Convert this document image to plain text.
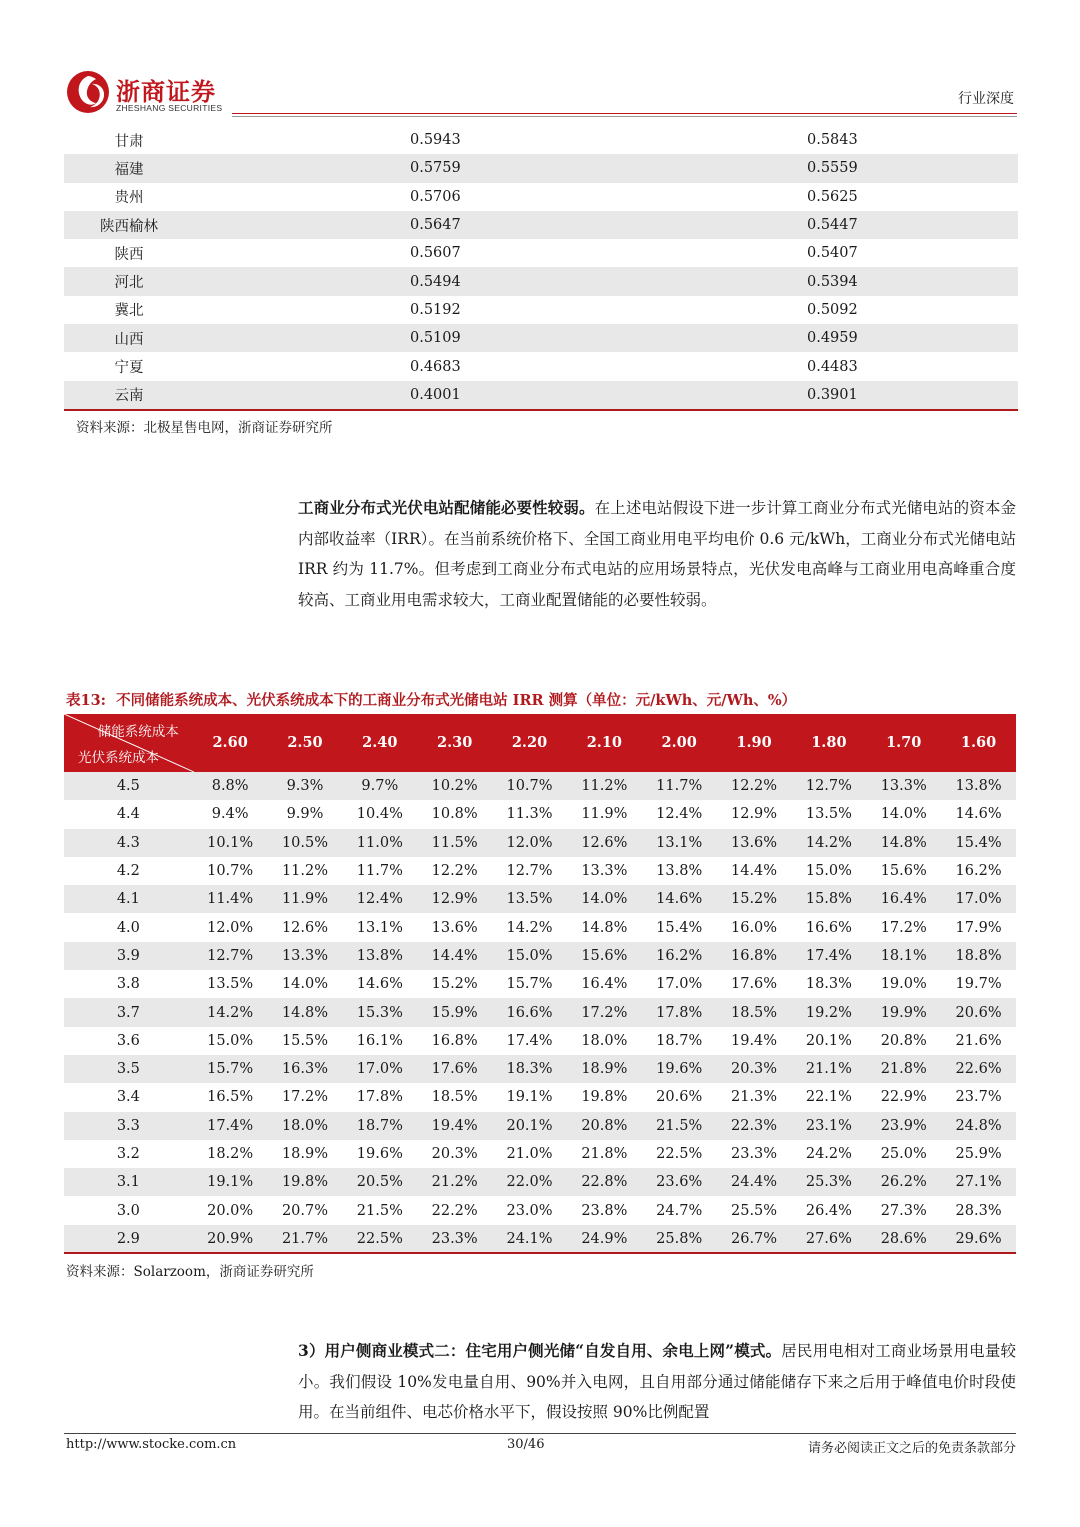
浙商证券
ZHESHANG SECURITIES
行业深度
甘肃	0.5943	0.5843
福建	0.5759	0.5559
贵州	0.5706	0.5625
陕西榆林	0.5647	0.5447
陕西	0.5607	0.5407
河北	0.5494	0.5394
冀北	0.5192	0.5092
山西	0.5109	0.4959
宁夏	0.4683	0.4483
云南	0.4001	0.3901
资料来源：北极星售电网，浙商证券研究所
工商业分布式光伏电站配储能必要性较弱。在上述电站假设下进一步计算工商业分布式光储电站的资本金内部收益率（IRR）。在当前系统价格下、全国工商业用电平均电价 0.6 元/kWh，工商业分布式光储电站 IRR 约为 11.7%。但考虑到工商业分布式电站的应用场景特点，光伏发电高峰与工商业用电高峰重合度较高、工商业用电需求较大，工商业配置储能的必要性较弱。
表13: 不同储能系统成本、光伏系统成本下的工商业分布式光储电站 IRR 测算（单位：元/kWh、元/Wh、%）
储能系统成本
光伏系统成本
2.60	2.50	2.40	2.30	2.20	2.10	2.00	1.90	1.80	1.70	1.60
4.5	8.8%	9.3%	9.7%	10.2%	10.7%	11.2%	11.7%	12.2%	12.7%	13.3%	13.8%
4.4	9.4%	9.9%	10.4%	10.8%	11.3%	11.9%	12.4%	12.9%	13.5%	14.0%	14.6%
4.3	10.1%	10.5%	11.0%	11.5%	12.0%	12.6%	13.1%	13.6%	14.2%	14.8%	15.4%
4.2	10.7%	11.2%	11.7%	12.2%	12.7%	13.3%	13.8%	14.4%	15.0%	15.6%	16.2%
4.1	11.4%	11.9%	12.4%	12.9%	13.5%	14.0%	14.6%	15.2%	15.8%	16.4%	17.0%
4.0	12.0%	12.6%	13.1%	13.6%	14.2%	14.8%	15.4%	16.0%	16.6%	17.2%	17.9%
3.9	12.7%	13.3%	13.8%	14.4%	15.0%	15.6%	16.2%	16.8%	17.4%	18.1%	18.8%
3.8	13.5%	14.0%	14.6%	15.2%	15.7%	16.4%	17.0%	17.6%	18.3%	19.0%	19.7%
3.7	14.2%	14.8%	15.3%	15.9%	16.6%	17.2%	17.8%	18.5%	19.2%	19.9%	20.6%
3.6	15.0%	15.5%	16.1%	16.8%	17.4%	18.0%	18.7%	19.4%	20.1%	20.8%	21.6%
3.5	15.7%	16.3%	17.0%	17.6%	18.3%	18.9%	19.6%	20.3%	21.1%	21.8%	22.6%
3.4	16.5%	17.2%	17.8%	18.5%	19.1%	19.8%	20.6%	21.3%	22.1%	22.9%	23.7%
3.3	17.4%	18.0%	18.7%	19.4%	20.1%	20.8%	21.5%	22.3%	23.1%	23.9%	24.8%
3.2	18.2%	18.9%	19.6%	20.3%	21.0%	21.8%	22.5%	23.3%	24.2%	25.0%	25.9%
3.1	19.1%	19.8%	20.5%	21.2%	22.0%	22.8%	23.6%	24.4%	25.3%	26.2%	27.1%
3.0	20.0%	20.7%	21.5%	22.2%	23.0%	23.8%	24.7%	25.5%	26.4%	27.3%	28.3%
2.9	20.9%	21.7%	22.5%	23.3%	24.1%	24.9%	25.8%	26.7%	27.6%	28.6%	29.6%
资料来源：Solarzoom，浙商证券研究所
3）用户侧商业模式二：住宅用户侧光储“自发自用、余电上网”模式。居民用电相对工商业场景用电量较小。我们假设 10%发电量自用、90%并入电网，且自用部分通过储能储存下来之后用于峰值电价时段使用。在当前组件、电芯价格水平下，假设按照 90%比例配置
http://www.stocke.com.cn	30/46	请务必阅读正文之后的免责条款部分
